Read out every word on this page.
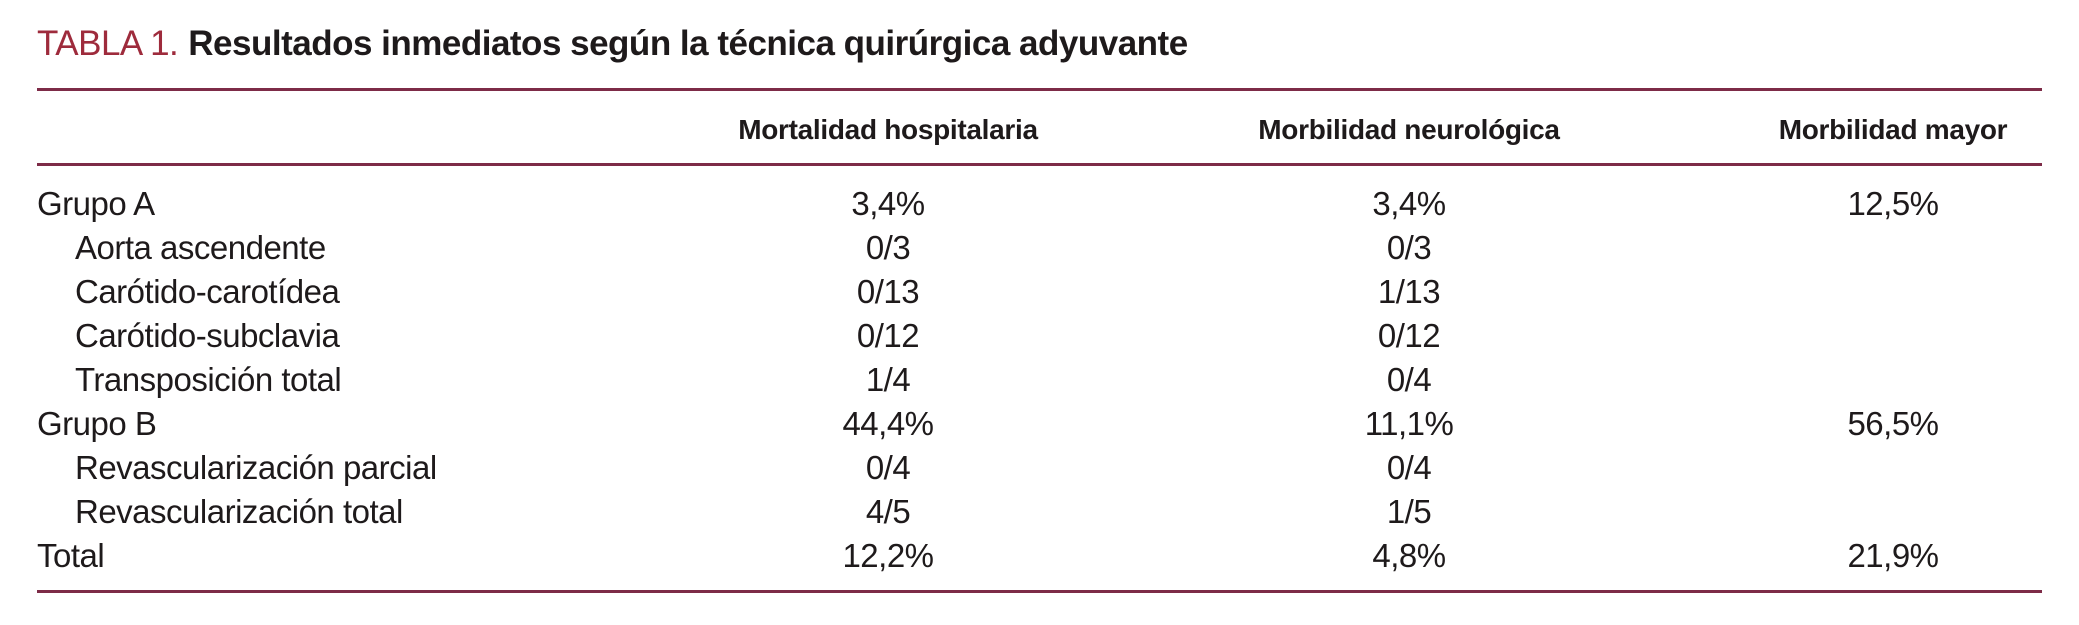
TABLA 1. Resultados inmediatos según la técnica quirúrgica adyuvante
	Mortalidad hospitalaria	Morbilidad neurológica	Morbilidad mayor
Grupo A	3,4%	3,4%	12,5%
Aorta ascendente	0/3	0/3	
Carótido-carotídea	0/13	1/13	
Carótido-subclavia	0/12	0/12	
Transposición total	1/4	0/4	
Grupo B	44,4%	11,1%	56,5%
Revascularización parcial	0/4	0/4	
Revascularización total	4/5	1/5	
Total	12,2%	4,8%	21,9%
